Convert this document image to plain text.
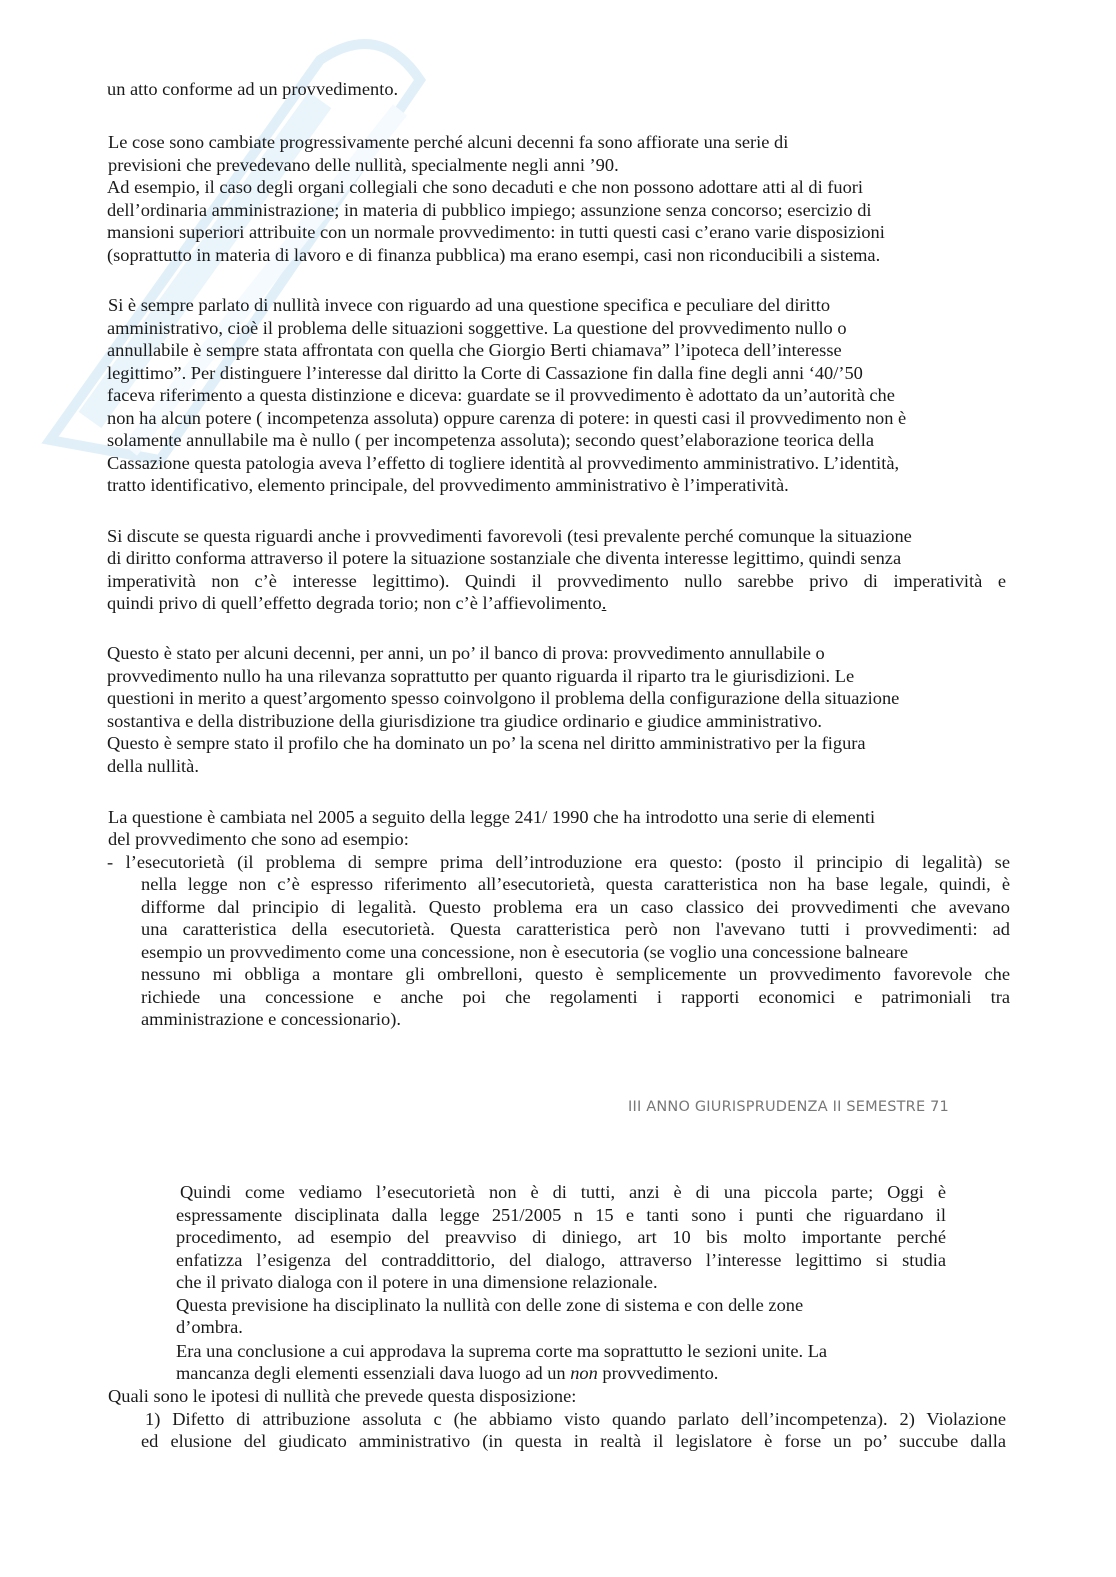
un atto conforme ad un provvedimento.
Le cose sono cambiate progressivamente perché alcuni decenni fa sono affiorate una serie di
previsioni che prevedevano delle nullità, specialmente negli anni ’90.
Ad esempio, il caso degli organi collegiali che sono decaduti e che non possono adottare atti al di fuori
dell’ordinaria amministrazione; in materia di pubblico impiego; assunzione senza concorso; esercizio di
mansioni superiori attribuite con un normale provvedimento: in tutti questi casi c’erano varie disposizioni
(soprattutto in materia di lavoro e di finanza pubblica) ma erano esempi, casi non riconducibili a sistema.
Si è sempre parlato di nullità invece con riguardo ad una questione specifica e peculiare del diritto
amministrativo, cioè il problema delle situazioni soggettive. La questione del provvedimento nullo o
annullabile è sempre stata affrontata con quella che Giorgio Berti chiamava” l’ipoteca dell’interesse
legittimo”. Per distinguere l’interesse dal diritto la Corte di Cassazione fin dalla fine degli anni ‘40/’50
faceva riferimento a questa distinzione e diceva: guardate se il provvedimento è adottato da un’autorità che
non ha alcun potere ( incompetenza assoluta) oppure carenza di potere: in questi casi il provvedimento non è
solamente annullabile ma è nullo ( per incompetenza assoluta); secondo quest’elaborazione teorica della
Cassazione questa patologia aveva l’effetto di togliere identità al provvedimento amministrativo. L’identità,
tratto identificativo, elemento principale, del provvedimento amministrativo è l’imperatività.
Si discute se questa riguardi anche i provvedimenti favorevoli (tesi prevalente perché comunque la situazione
di diritto conforma attraverso il potere la situazione sostanziale che diventa interesse legittimo, quindi senza
imperatività non c’è interesse legittimo). Quindi il provvedimento nullo sarebbe privo di imperatività e
quindi privo di quell’effetto degrada torio; non c’è l’affievolimento.
Questo è stato per alcuni decenni, per anni, un po’ il banco di prova: provvedimento annullabile o
provvedimento nullo ha una rilevanza soprattutto per quanto riguarda il riparto tra le giurisdizioni. Le
questioni in merito a quest’argomento spesso coinvolgono il problema della configurazione della situazione
sostantiva e della distribuzione della giurisdizione tra giudice ordinario e giudice amministrativo.
Questo è sempre stato il profilo che ha dominato un po’ la scena nel diritto amministrativo per la figura
della nullità.
La questione è cambiata nel 2005 a seguito della legge 241/ 1990 che ha introdotto una serie di elementi
del provvedimento che sono ad esempio:
- l’esecutorietà (il problema di sempre prima dell’introduzione era questo: (posto il principio di legalità) se
nella legge non c’è espresso riferimento all’esecutorietà, questa caratteristica non ha base legale, quindi, è
difforme dal principio di legalità. Questo problema era un caso classico dei provvedimenti che avevano
una caratteristica della esecutorietà. Questa caratteristica però non l'avevano tutti i provvedimenti: ad
esempio un provvedimento come una concessione, non è esecutoria (se voglio una concessione balneare
nessuno mi obbliga a montare gli ombrelloni, questo è semplicemente un provvedimento favorevole che
richiede una concessione e anche poi che regolamenti i rapporti economici e patrimoniali tra
amministrazione e concessionario).
III ANNO GIURISPRUDENZA II SEMESTRE 71
Quindi come vediamo l’esecutorietà non è di tutti, anzi è di una piccola parte; Oggi è
espressamente disciplinata dalla legge 251/2005 n 15 e tanti sono i punti che riguardano il
procedimento, ad esempio del preavviso di diniego, art 10 bis molto importante perché
enfatizza l’esigenza del contraddittorio, del dialogo, attraverso l’interesse legittimo si studia
che il privato dialoga con il potere in una dimensione relazionale.
Questa previsione ha disciplinato la nullità con delle zone di sistema e con delle zone
d’ombra.
Era una conclusione a cui approdava la suprema corte ma soprattutto le sezioni unite. La
mancanza degli elementi essenziali dava luogo ad un non provvedimento.
Quali sono le ipotesi di nullità che prevede questa disposizione:
1) Difetto di attribuzione assoluta c (he abbiamo visto quando parlato dell’incompetenza). 2) Violazione
ed elusione del giudicato amministrativo (in questa in realtà il legislatore è forse un po’ succube dalla
